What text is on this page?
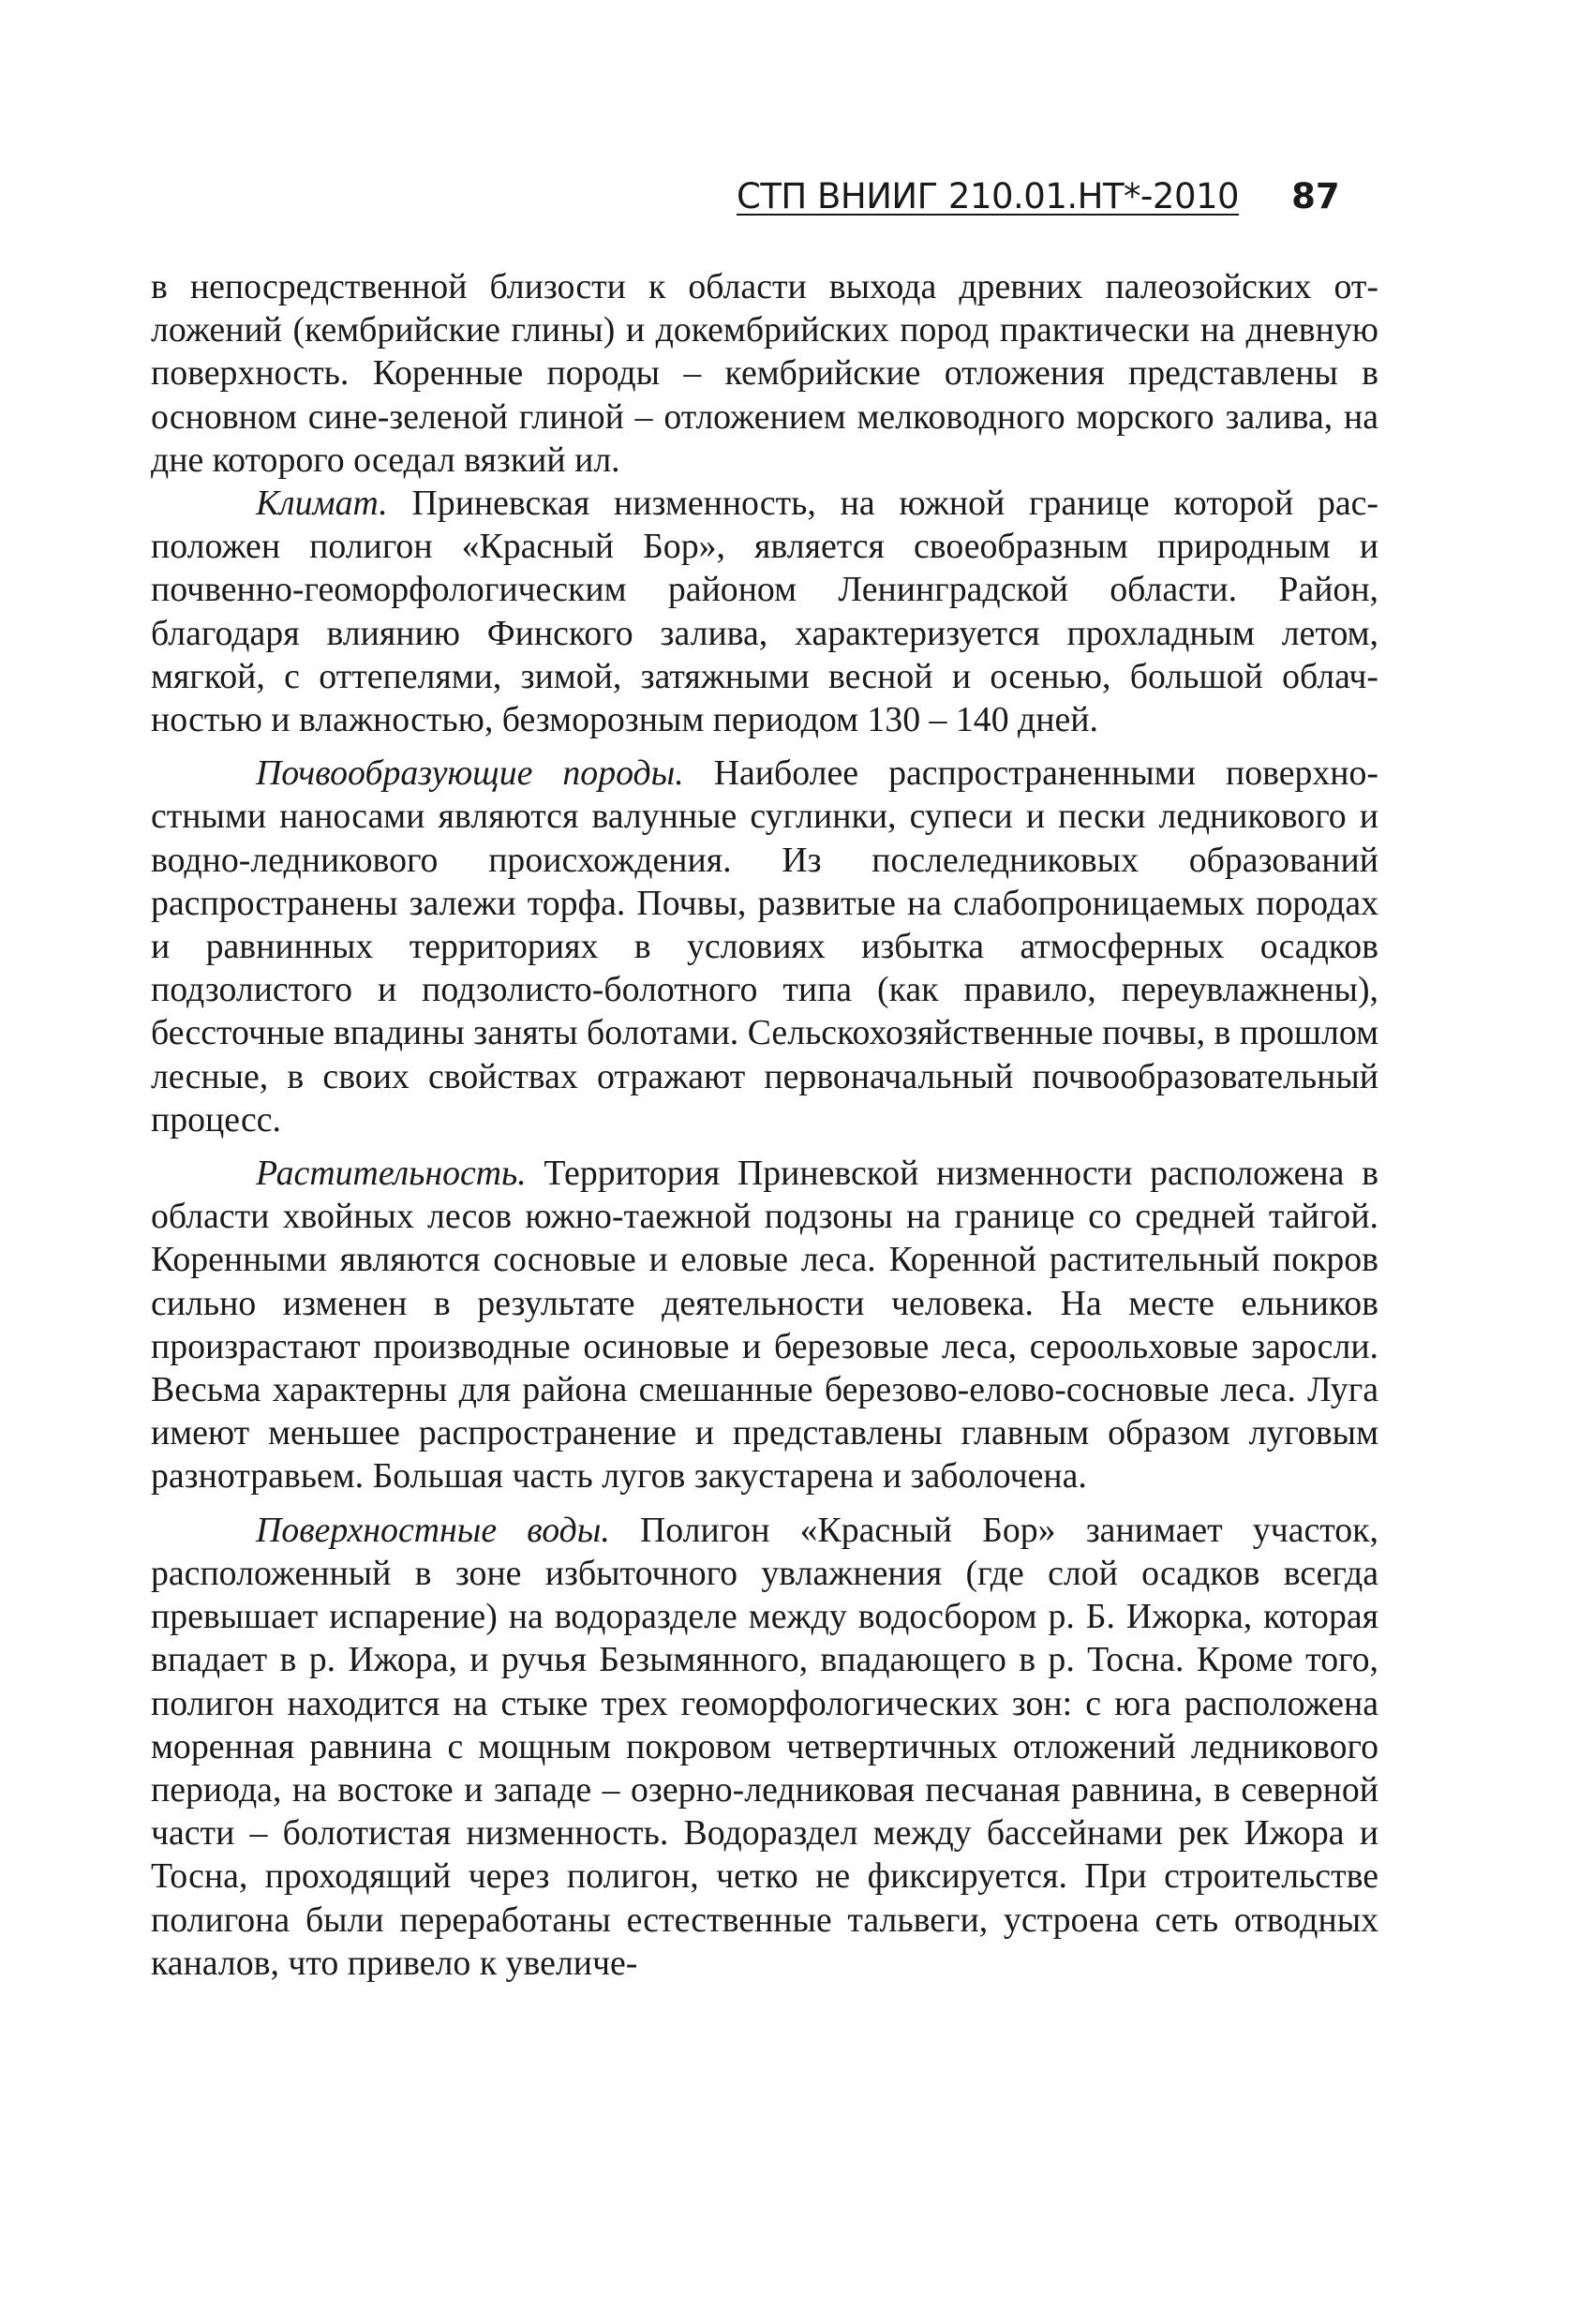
СТП ВНИИГ 210.01.НТ*-2010 87

в непосредственной близости к области выхода древних палеозойских отложений (кембрийские глины) и докембрийских пород практически на дневную поверхность. Коренные породы – кембрийские отложения представлены в основном сине-зеленой глиной – отложением мелководного морского залива, на дне которого оседал вязкий ил.

Климат. Приневская низменность, на южной границе которой расположен полигон «Красный Бор», является своеобразным природным и почвенно-геоморфологическим районом Ленинградской области. Район, благодаря влиянию Финского залива, характеризуется прохладным летом, мягкой, с оттепелями, зимой, затяжными весной и осенью, большой облачностью и влажностью, безморозным периодом 130 – 140 дней.

Почвообразующие породы. Наиболее распространенными поверхностными наносами являются валунные суглинки, супеси и пески ледникового и водно-ледникового происхождения. Из послеледниковых образований распространены залежи торфа. Почвы, развитые на слабопроницаемых породах и равнинных территориях в условиях избытка атмосферных осадков подзолистого и подзолисто-болотного типа (как правило, переувлажнены), бессточные впадины заняты болотами. Сельскохозяйственные почвы, в прошлом лесные, в своих свойствах отражают первоначальный почвообразовательный процесс.

Растительность. Территория Приневской низменности расположена в области хвойных лесов южно-таежной подзоны на границе со средней тайгой. Коренными являются сосновые и еловые леса. Коренной растительный покров сильно изменен в результате деятельности человека. На месте ельников произрастают производные осиновые и березовые леса, сероольховые заросли. Весьма характерны для района смешанные березово-елово-сосновые леса. Луга имеют меньшее распространение и представлены главным образом луговым разнотравьем. Большая часть лугов закустарена и заболочена.

Поверхностные воды. Полигон «Красный Бор» занимает участок, расположенный в зоне избыточного увлажнения (где слой осадков всегда превышает испарение) на водоразделе между водосбором р. Б. Ижорка, которая впадает в р. Ижора, и ручья Безымянного, впадающего в р. Тосна. Кроме того, полигон находится на стыке трех геоморфологических зон: с юга расположена моренная равнина с мощным покровом четвертичных отложений ледникового периода, на востоке и западе – озерно-ледниковая песчаная равнина, в северной части – болотистая низменность. Водораздел между бассейнами рек Ижора и Тосна, проходящий через полигон, четко не фиксируется. При строительстве полигона были переработаны естественные тальвеги, устроена сеть отводных каналов, что привело к увеличе-
